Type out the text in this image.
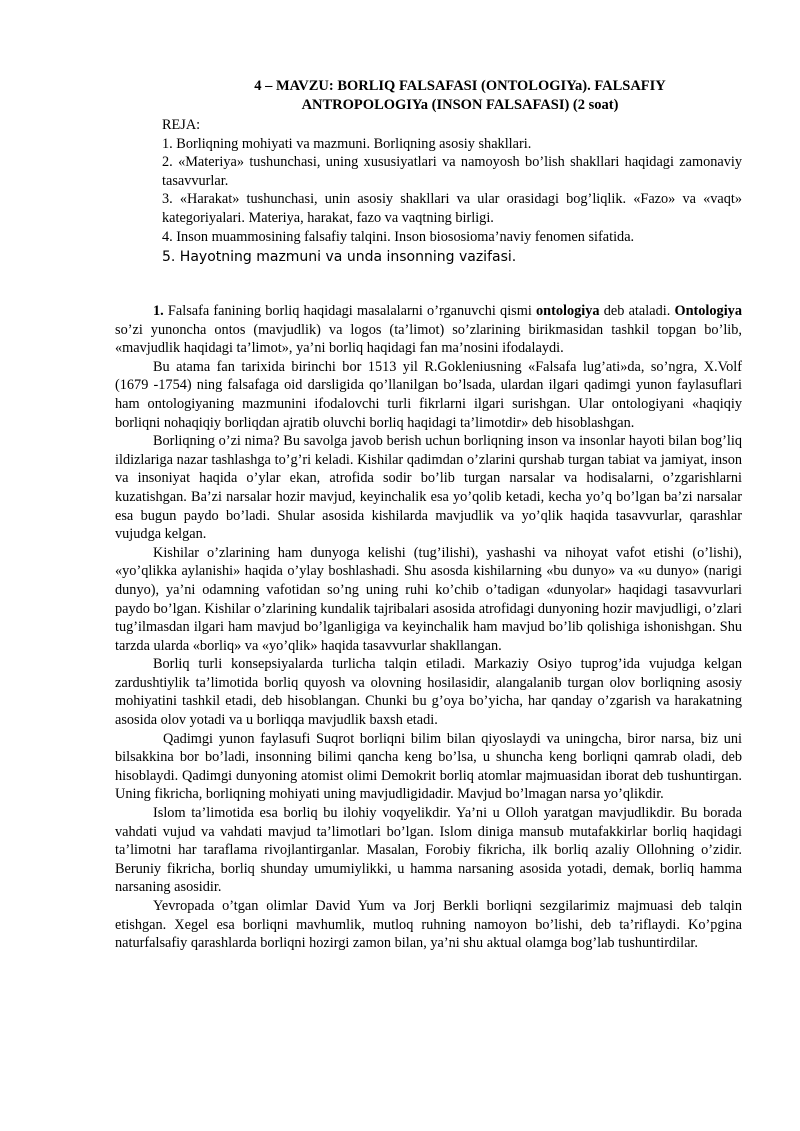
4 – MAVZU: BORLIQ FALSAFASI (ONTOLOGIYa). FALSAFIY
ANTROPOLOGIYa (INSON FALSAFASI) (2 soat)

REJA:

1. Borliqning mohiyati va mazmuni. Borliqning asosiy shakllari.

2. «Materiya» tushunchasi, uning xususiyatlari va namoyosh bo’lish shakllari haqidagi zamonaviy tasavvurlar.

3. «Harakat» tushunchasi, unin asosiy shakllari va ular orasidagi bog’liqlik. «Fazo» va «vaqt» kategoriyalari. Materiya, harakat, fazo va vaqtning birligi.

4. Inson muammosining falsafiy talqini. Inson biososioma’naviy fenomen sifatida.

5. Hayotning mazmuni va unda insonning vazifasi.

1. Falsafa fanining borliq haqidagi masalalarni o’rganuvchi qismi ontologiya deb ataladi. Ontologiya so’zi yunoncha ontos (mavjudlik) va logos (ta’limot) so’zlarining birikmasidan tashkil topgan bo’lib, «mavjudlik haqidagi ta’limot», ya’ni borliq haqidagi fan ma’nosini ifodalaydi.

Bu atama fan tarixida birinchi bor 1513 yil R.Gokleniusning «Falsafa lug’ati»da, so’ngra, X.Volf (1679 -1754) ning falsafaga oid darsligida qo’llanilgan bo’lsada, ulardan ilgari qadimgi yunon faylasuflari ham ontologiyaning mazmunini ifodalovchi turli fikrlarni ilgari surishgan. Ular ontologiyani «haqiqiy borliqni nohaqiqiy borliqdan ajratib oluvchi borliq haqidagi ta’limotdir» deb hisoblashgan.

Borliqning o’zi nima? Bu savolga javob berish uchun borliqning inson va insonlar hayoti bilan bog’liq ildizlariga nazar tashlashga to’g’ri keladi. Kishilar qadimdan o’zlarini qurshab turgan tabiat va jamiyat, inson va insoniyat haqida o’ylar ekan, atrofida sodir bo’lib turgan narsalar va hodisalarni, o’zgarishlarni kuzatishgan. Ba’zi narsalar hozir mavjud, keyinchalik esa yo’qolib ketadi, kecha yo’q bo’lgan ba’zi narsalar esa bugun paydo bo’ladi. Shular asosida kishilarda mavjudlik va yo’qlik haqida tasavvurlar, qarashlar vujudga kelgan.

Kishilar o’zlarining ham dunyoga kelishi (tug’ilishi), yashashi va nihoyat vafot etishi (o’lishi), «yo’qlikka aylanishi» haqida o’ylay boshlashadi. Shu asosda kishilarning «bu dunyo» va «u dunyo» (narigi dunyo), ya’ni odamning vafotidan so’ng uning ruhi ko’chib o’tadigan «dunyolar» haqidagi tasavvurlari paydo bo’lgan. Kishilar o’zlarining kundalik tajribalari asosida atrofidagi dunyoning hozir mavjudligi, o’zlari tug’ilmasdan ilgari ham mavjud bo’lganligiga va keyinchalik ham mavjud bo’lib qolishiga ishonishgan. Shu tarzda ularda «borliq» va «yo’qlik» haqida tasavvurlar shakllangan.

Borliq turli konsepsiyalarda turlicha talqin etiladi. Markaziy Osiyo tuprog’ida vujudga kelgan zardushtiylik ta’limotida borliq quyosh va olovning hosilasidir, alangalanib turgan olov borliqning asosiy mohiyatini tashkil etadi, deb hisoblangan. Chunki bu g’oya bo’yicha, har qanday o’zgarish va harakatning asosida olov yotadi va u borliqqa mavjudlik baxsh etadi.

Qadimgi yunon faylasufi Suqrot borliqni bilim bilan qiyoslaydi va uningcha, biror narsa, biz uni bilsakkina bor bo’ladi, insonning bilimi qancha keng bo’lsa, u shuncha keng borliqni qamrab oladi, deb hisoblaydi. Qadimgi dunyoning atomist olimi Demokrit borliq atomlar majmuasidan iborat deb tushuntirgan. Uning fikricha, borliqning mohiyati uning mavjudligidadir. Mavjud bo’lmagan narsa yo’qlikdir.

Islom ta’limotida esa borliq bu ilohiy voqyelikdir. Ya’ni u Olloh yaratgan mavjudlikdir. Bu borada vahdati vujud va vahdati mavjud ta’limotlari bo’lgan. Islom diniga mansub mutafakkirlar borliq haqidagi ta’limotni har taraflama rivojlantirganlar. Masalan, Forobiy fikricha, ilk borliq azaliy Ollohning o’zidir. Beruniy fikricha, borliq shunday umumiylikki, u hamma narsaning asosida yotadi, demak, borliq hamma narsaning asosidir.

Yevropada o’tgan olimlar David Yum va Jorj Berkli borliqni sezgilarimiz majmuasi deb talqin etishgan. Xegel esa borliqni mavhumlik, mutloq ruhning namoyon bo’lishi, deb ta’riflaydi. Ko’pgina naturfalsafiy qarashlarda borliqni hozirgi zamon bilan, ya’ni shu aktual olamga bog’lab tushuntirdilar.
